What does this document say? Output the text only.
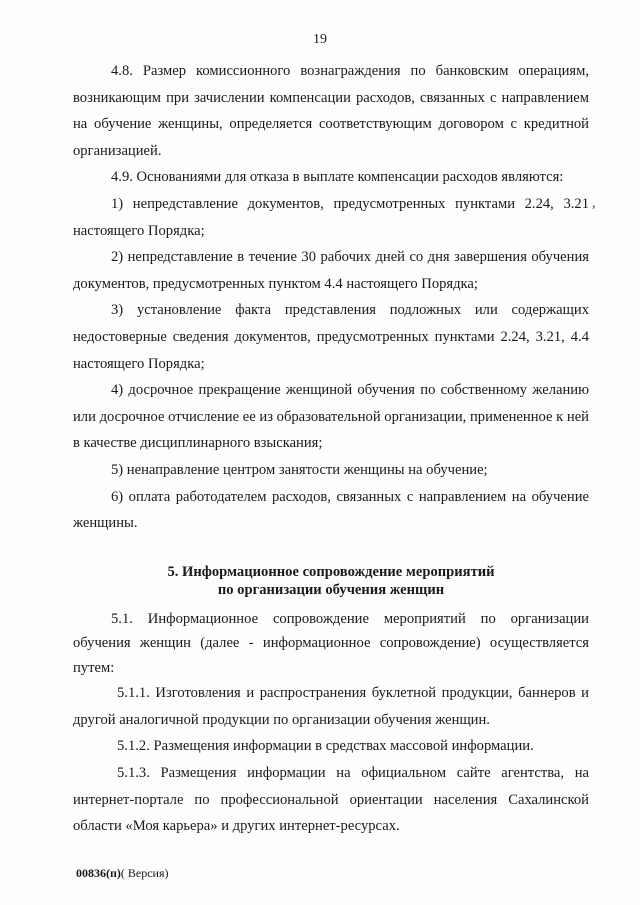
19
,

4.8. Размер комиссионного вознаграждения по банковским операциям, возникающим при зачислении компенсации расходов, связанных с направлением на обучение женщины, определяется соответствующим договором с кредитной организацией.

4.9. Основаниями для отказа в выплате компенсации расходов являются:

1) непредставление документов, предусмотренных пунктами 2.24, 3.21 настоящего Порядка;

2) непредставление в течение 30 рабочих дней со дня завершения обучения документов, предусмотренных пунктом 4.4 настоящего Порядка;

3) установление факта представления подложных или содержащих недостоверные сведения документов, предусмотренных пунктами 2.24, 3.21, 4.4 настоящего Порядка;

4) досрочное прекращение женщиной обучения по собственному желанию или досрочное отчисление ее из образовательной организации, примененное к ней в качестве дисциплинарного взыскания;

5) ненаправление центром занятости женщины на обучение;

6) оплата работодателем расходов, связанных с направлением на обучение женщины.

5. Информационное сопровождение мероприятий
по организации обучения женщин

5.1. Информационное сопровождение мероприятий по организации обучения женщин (далее - информационное сопровождение) осуществляется путем:

5.1.1. Изготовления и распространения буклетной продукции, баннеров и другой аналогичной продукции по организации обучения женщин.

5.1.2. Размещения информации в средствах массовой информации.

5.1.3. Размещения информации на официальном сайте агентства, на интернет-портале по профессиональной ориентации населения Сахалинской области «Моя карьера» и других интернет-ресурсах.

00836(п)( Версия)
